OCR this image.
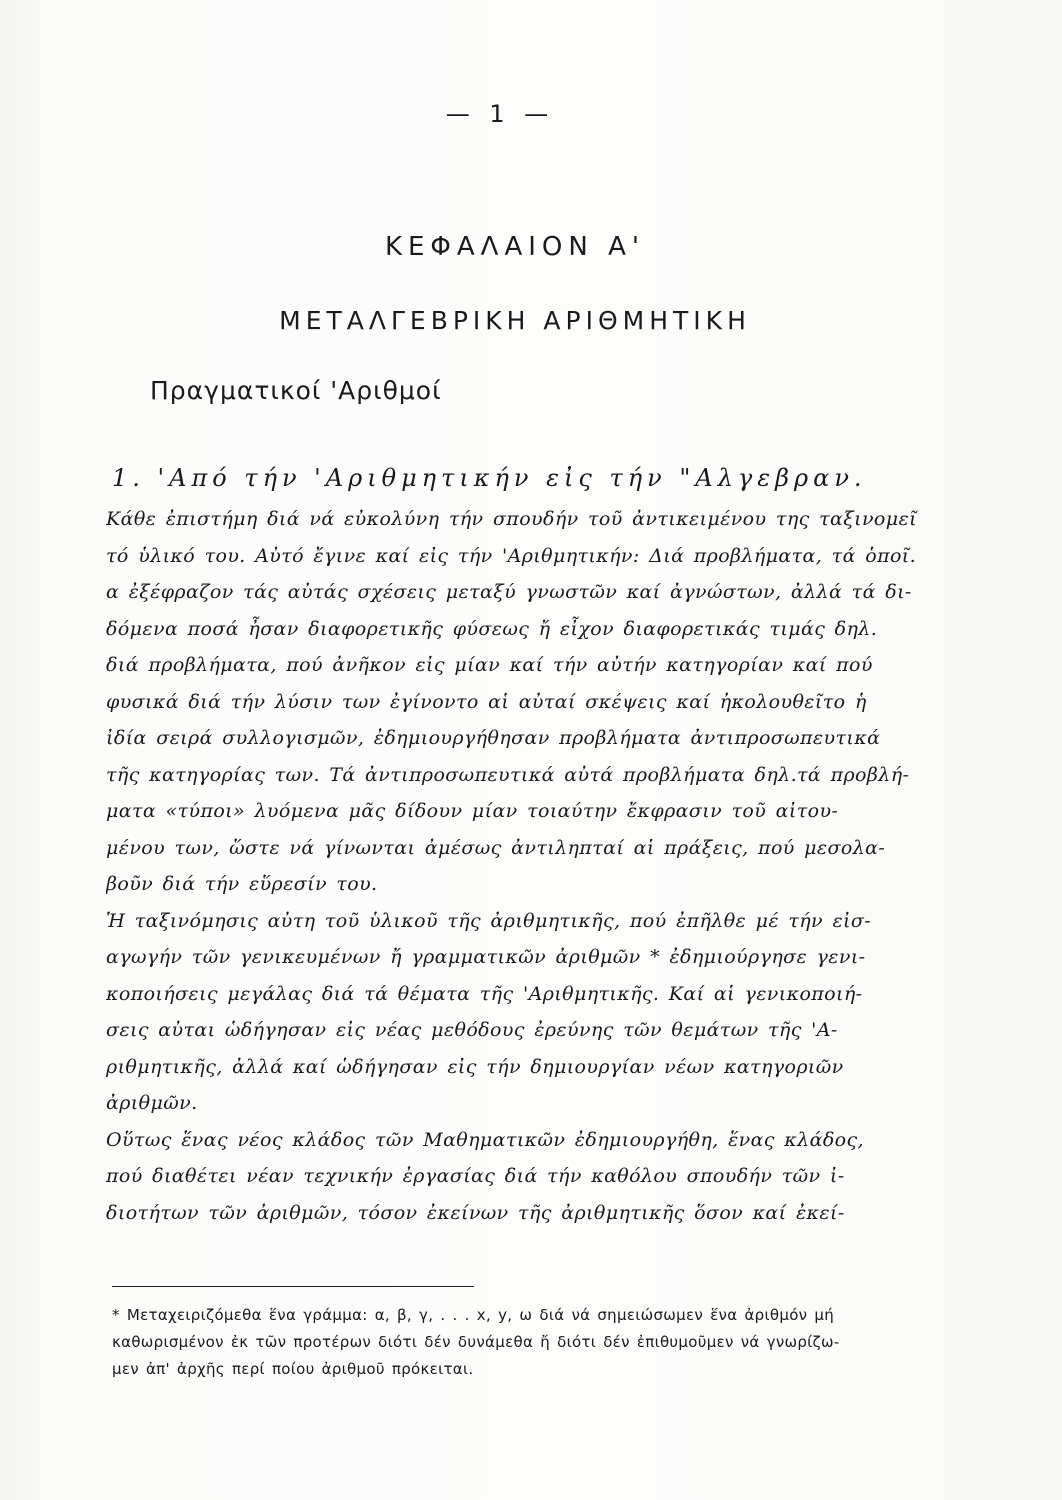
— 1 —
ΚΕΦΑΛΑΙΟΝ Α'
ΜΕΤΑΛΓΕΒΡΙΚΗ ΑΡΙΘΜΗΤΙΚΗ
Πραγματικοί 'Αριθμοί
1. 'Από τήν 'Αριθμητικήν εἰς τήν "Αλγεβραν.
Κάθε ἐπιστήμη διά νά εὐκολύνη τήν σπουδήν τοῦ ἀντικειμένου της ταξινομεῖ
τό ὑλικό του. Αὐτό ἔγινε καί εἰς τήν 'Αριθμητικήν: Διά προβλήματα, τά ὁποῖ.
α ἐξέφραζον τάς αὐτάς σχέσεις μεταξύ γνωστῶν καί ἀγνώστων, ἀλλά τά δι-
δόμενα ποσά ἦσαν διαφορετικῆς φύσεως ἤ εἶχον διαφορετικάς τιμάς δηλ.
διά προβλήματα, πού ἀνῆκον εἰς μίαν καί τήν αὐτήν κατηγορίαν καί πού
φυσικά διά τήν λύσιν των ἐγίνοντο αἱ αὐταί σκέψεις καί ἠκολουθεῖτο ἡ
ἰδία σειρά συλλογισμῶν, ἐδημιουργήθησαν προβλήματα ἀντιπροσωπευτικά
τῆς κατηγορίας των. Τά ἀντιπροσωπευτικά αὐτά προβλήματα δηλ.τά προβλή-
ματα «τύποι» λυόμενα μᾶς δίδουν μίαν τοιαύτην ἔκφρασιν τοῦ αἰτου-
μένου των, ὥστε νά γίνωνται ἀμέσως ἀντιληπταί αἱ πράξεις, πού μεσολα-
βοῦν διά τήν εὕρεσίν του.
Ἡ ταξινόμησις αὐτη τοῦ ὑλικοῦ τῆς ἀριθμητικῆς, πού ἐπῆλθε μέ τήν εἰσ-
αγωγήν τῶν γενικευμένων ἤ γραμματικῶν ἀριθμῶν * ἐδημιούργησε γενι-
κοποιήσεις μεγάλας διά τά θέματα τῆς 'Αριθμητικῆς. Καί αἱ γενικοποιή-
σεις αὐται ὡδήγησαν εἰς νέας μεθόδους ἐρεύνης τῶν θεμάτων τῆς 'Α-
ριθμητικῆς, ἀλλά καί ὡδήγησαν εἰς τήν δημιουργίαν νέων κατηγοριῶν
ἀριθμῶν.
Οὕτως ἕνας νέος κλάδος τῶν Μαθηματικῶν ἐδημιουργήθη, ἕνας κλάδος,
πού διαθέτει νέαν τεχνικήν ἐργασίας διά τήν καθόλου σπουδήν τῶν ἰ-
διοτήτων τῶν ἀριθμῶν, τόσον ἐκείνων τῆς ἀριθμητικῆς ὅσον καί ἐκεί-
* Μεταχειριζόμεθα ἕνα γράμμα: α, β, γ, . . . x, y, ω διά νά σημειώσωμεν ἕνα ἀριθμόν μή
καθωρισμένον ἐκ τῶν προτέρων διότι δέν δυνάμεθα ἤ διότι δέν ἐπιθυμοῦμεν νά γνωρίζω-
μεν ἀπ' ἀρχῆς περί ποίου ἀριθμοῦ πρόκειται.
